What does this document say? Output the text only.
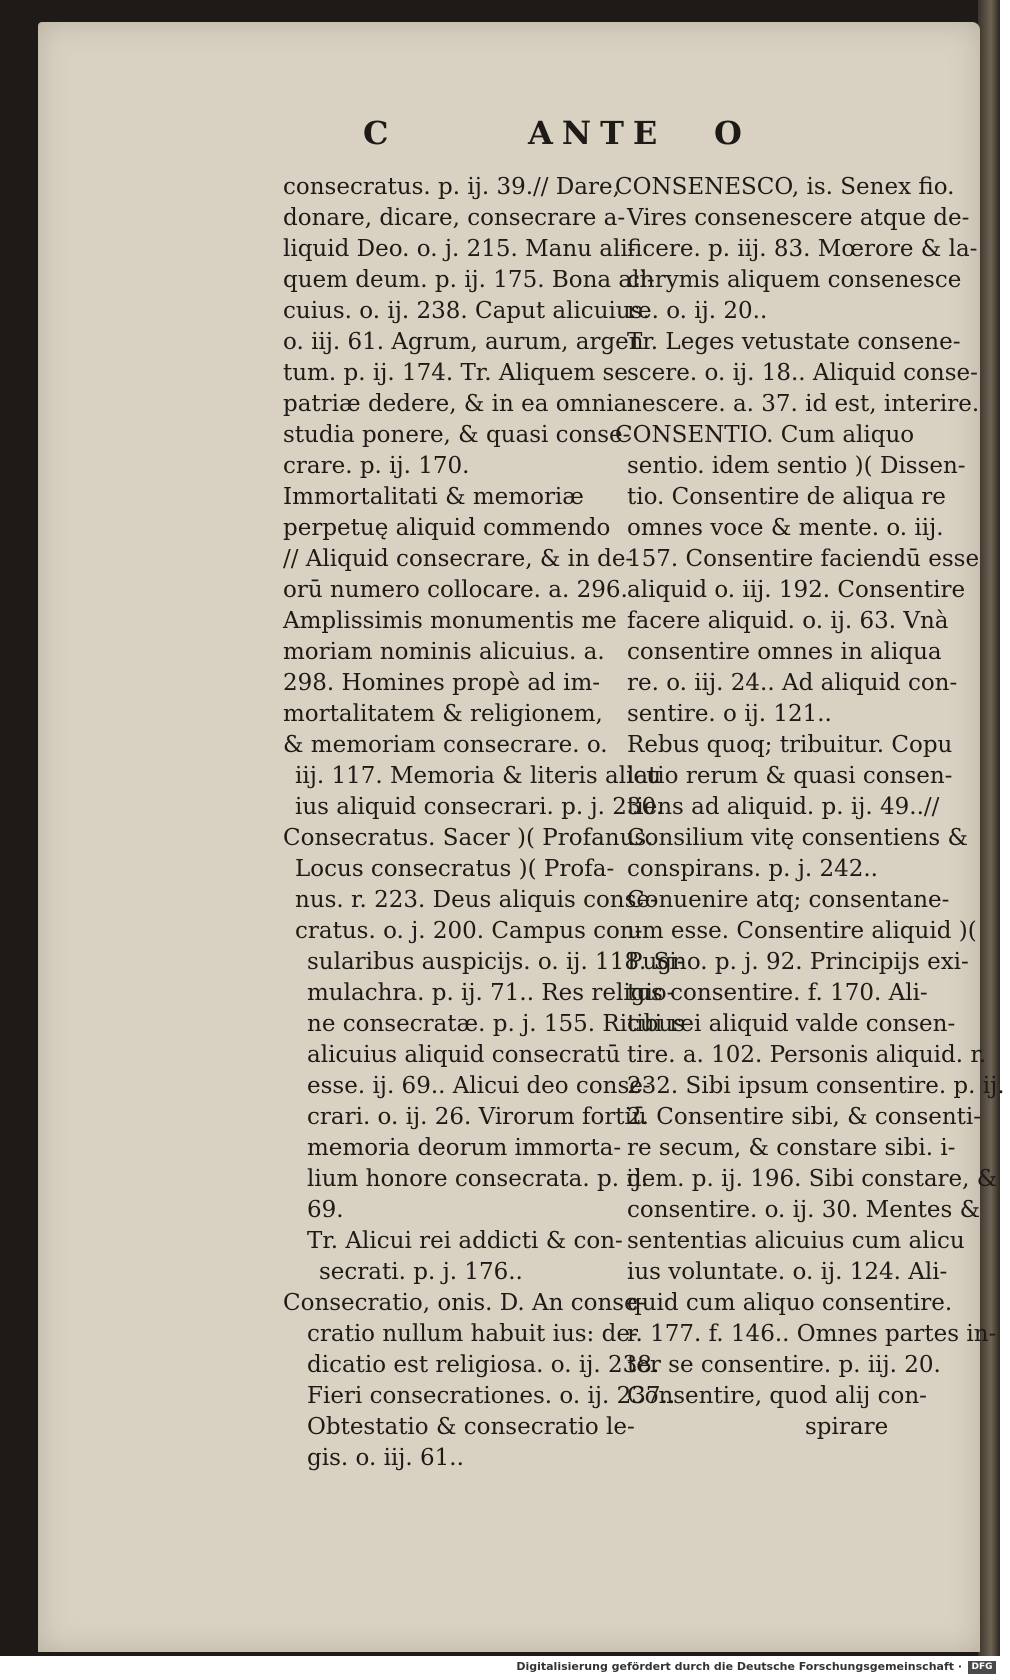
C	ANTE O
consecratus. p. ij. 39.// Dare,
donare, dicare, consecrare a-
liquid Deo. o. j. 215. Manu ali-
quem deum. p. ij. 175. Bona ali-
cuius. o. ij. 238. Caput alicuius.
o. iij. 61. Agrum, aurum, argen
tum. p. ij. 174. Tr. Aliquem se
patriæ dedere, & in ea omnia
studia ponere, & quasi conse-
crare. p. ij. 170.
Immortalitati & memoriæ
perpetuę aliquid commendo
// Aliquid consecrare, & in de-
orū numero collocare. a. 296.
Amplissimis monumentis me
moriam nominis alicuius. a.
298. Homines propè ad im-
mortalitatem & religionem,
& memoriam consecrare. o.
iij. 117. Memoria & literis alicu
ius aliquid consecrari. p. j. 230.
Consecratus. Sacer )( Profanus.
Locus consecratus )( Profa-
nus. r. 223. Deus aliquis conse-
cratus. o. j. 200. Campus con-
sularibus auspicijs. o. ij. 118. Si-
mulachra. p. ij. 71.. Res religio-
ne consecratæ. p. j. 155. Ritibus
alicuius aliquid consecratū
esse. ij. 69.. Alicui deo conse-
crari. o. ij. 26. Virorum fortiū
memoria deorum immorta-
lium honore consecrata. p. ij.
69.
Tr. Alicui rei addicti & con-
secrati. p. j. 176..
Consecratio, onis. D. An conse-
cratio nullum habuit ius: de-
dicatio est religiosa. o. ij. 238.
Fieri consecrationes. o. ij. 237..
Obtestatio & consecratio le-
gis. o. iij. 61..
CONSENESCO, is. Senex fio.
Vires consenescere atque de-
ficere. p. iij. 83. Mœrore & la-
chrymis aliquem consenesce
re. o. ij. 20..
Tr. Leges vetustate consene-
scere. o. ij. 18.. Aliquid conse-
nescere. a. 37. id est, interire.
CONSENTIO. Cum aliquo
sentio. idem sentio )( Dissen-
tio. Consentire de aliqua re
omnes voce & mente. o. iij.
157. Consentire faciendū esse
aliquid o. iij. 192. Consentire
facere aliquid. o. ij. 63. Vnà
consentire omnes in aliqua
re. o. iij. 24.. Ad aliquid con-
sentire. o ij. 121..
Rebus quoq; tribuitur. Copu
latio rerum & quasi consen-
tiens ad aliquid. p. ij. 49..//
Consilium vitę consentiens &
conspirans. p. j. 242..
Conuenire atq; consentane-
um esse. Consentire aliquid )(
Pugno. p. j. 92. Principijs exi-
tus consentire. f. 170. Ali-
cui rei aliquid valde consen-
tire. a. 102. Personis aliquid. r.
232. Sibi ipsum consentire. p. ij.
2. Consentire sibi, & consenti-
re secum, & constare sibi. i-
dem. p. ij. 196. Sibi constare, &
consentire. o. ij. 30. Mentes &
sententias alicuius cum alicu
ius voluntate. o. ij. 124. Ali-
quid cum aliquo consentire.
r. 177. f. 146.. Omnes partes in-
ter se consentire. p. iij. 20.
Consentire, quod alij con-
spirare
Digitalisierung gefördert durch die Deutsche Forschungsgemeinschaft ·	DFG
